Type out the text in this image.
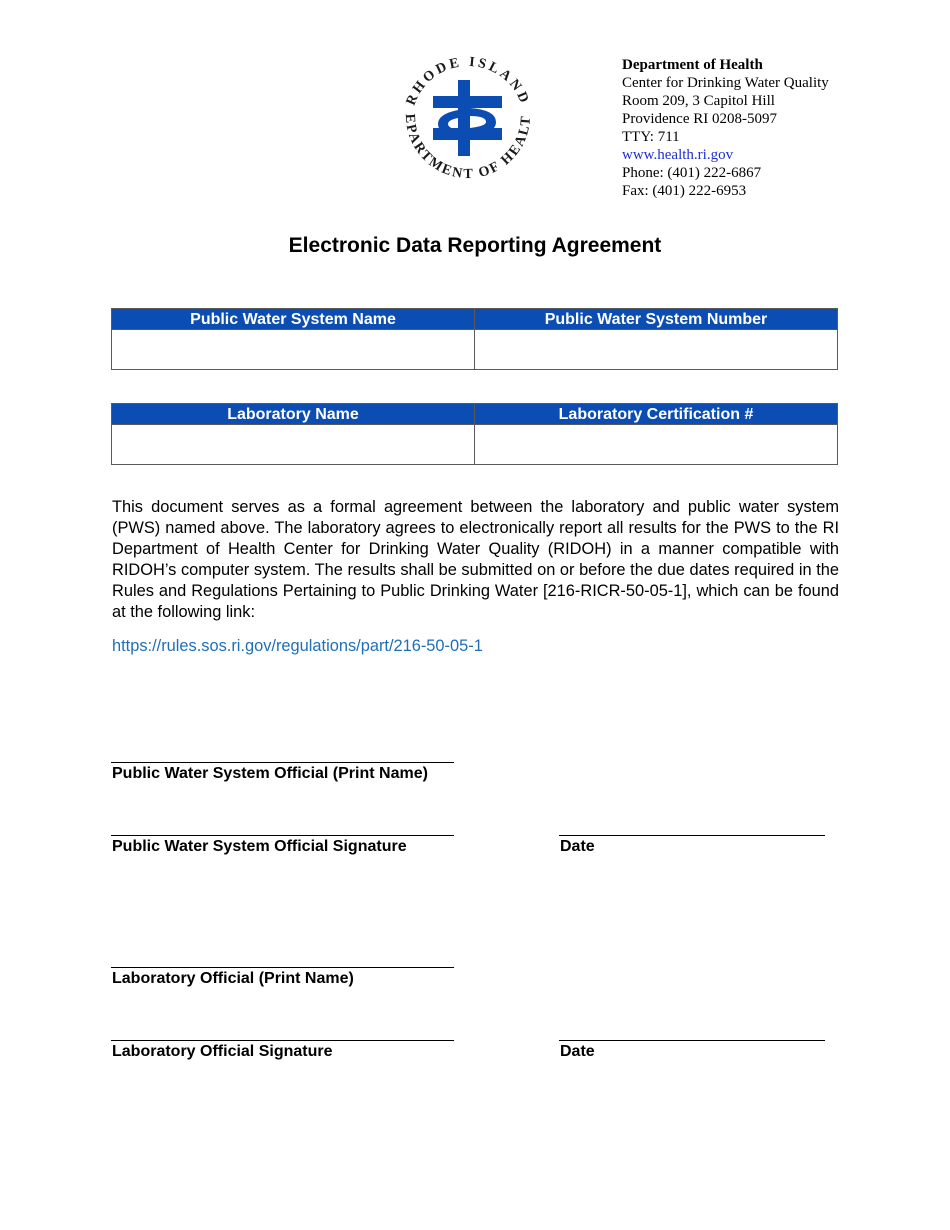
RHODE ISLAND
EPARTMENT OF HEALT
Department of Health
Center for Drinking Water Quality
Room 209, 3 Capitol Hill
Providence RI 0208-5097
TTY: 711
www.health.ri.gov
Phone: (401) 222-6867
Fax: (401) 222-6953
Electronic Data Reporting Agreement
Public Water System Name	Public Water System Number

Laboratory Name	Laboratory Certification #

This document serves as a formal agreement between the laboratory and public water system (PWS) named above. The laboratory agrees to electronically report all results for the PWS to the RI Department of Health Center for Drinking Water Quality (RIDOH) in a manner compatible with RIDOH’s computer system. The results shall be submitted on or before the due dates required in the Rules and Regulations Pertaining to Public Drinking Water [216-RICR-50-05-1], which can be found at the following link:

https://rules.sos.ri.gov/regulations/part/216-50-05-1
Public Water System Official (Print Name)
Public Water System Official Signature	Date
Laboratory Official (Print Name)
Laboratory Official Signature	Date
